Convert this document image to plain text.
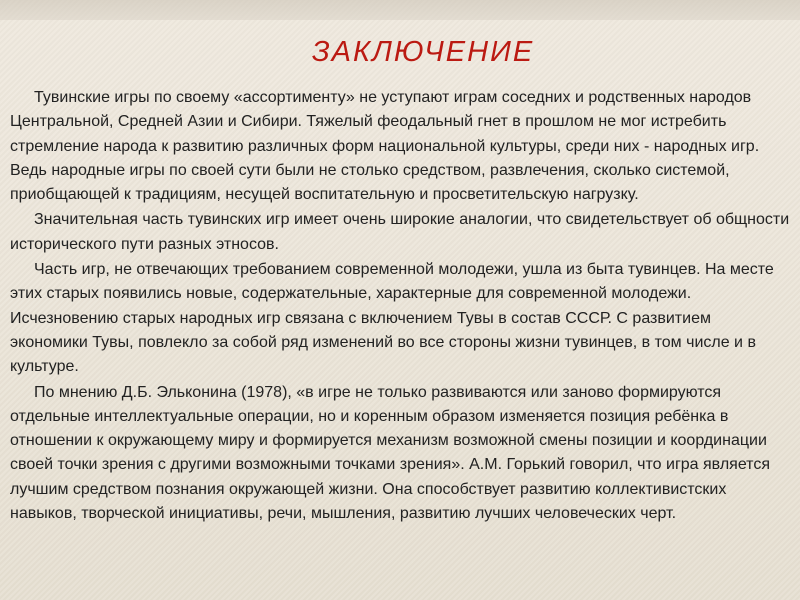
ЗАКЛЮЧЕНИЕ

Тувинские игры по своему «ассортименту» не уступают играм соседних и родственных народов Центральной, Средней Азии и Сибири. Тяжелый феодальный гнет в прошлом не мог истребить стремление народа к развитию различных форм национальной культуры, среди них - народных игр. Ведь народные игры по своей сути были не столько средством, развлечения, сколько системой, приобщающей к традициям, несущей воспитательную и просветительскую нагрузку.

Значительная часть тувинских игр имеет очень широкие аналогии, что свидетельствует об общности исторического пути разных этносов.

Часть игр, не отвечающих требованием современной молодежи, ушла из быта тувинцев. На месте этих старых появились новые, содержательные, характерные для современной молодежи. Исчезновению старых народных игр связана с включением Тувы в состав СССР. С развитием экономики Тувы, повлекло за собой ряд изменений во все стороны жизни тувинцев, в том числе и в культуре.

По мнению Д.Б. Эльконина (1978), «в игре не только развиваются или заново формируются отдельные интеллектуальные операции, но и коренным образом изменяется позиция ребёнка в отношении к окружающему миру и формируется механизм возможной смены позиции и координации своей точки зрения с другими возможными точками зрения». А.М. Горький говорил, что игра является лучшим средством познания окружающей жизни. Она способствует развитию коллективистских навыков, творческой инициативы, речи, мышления, развитию лучших человеческих черт.
